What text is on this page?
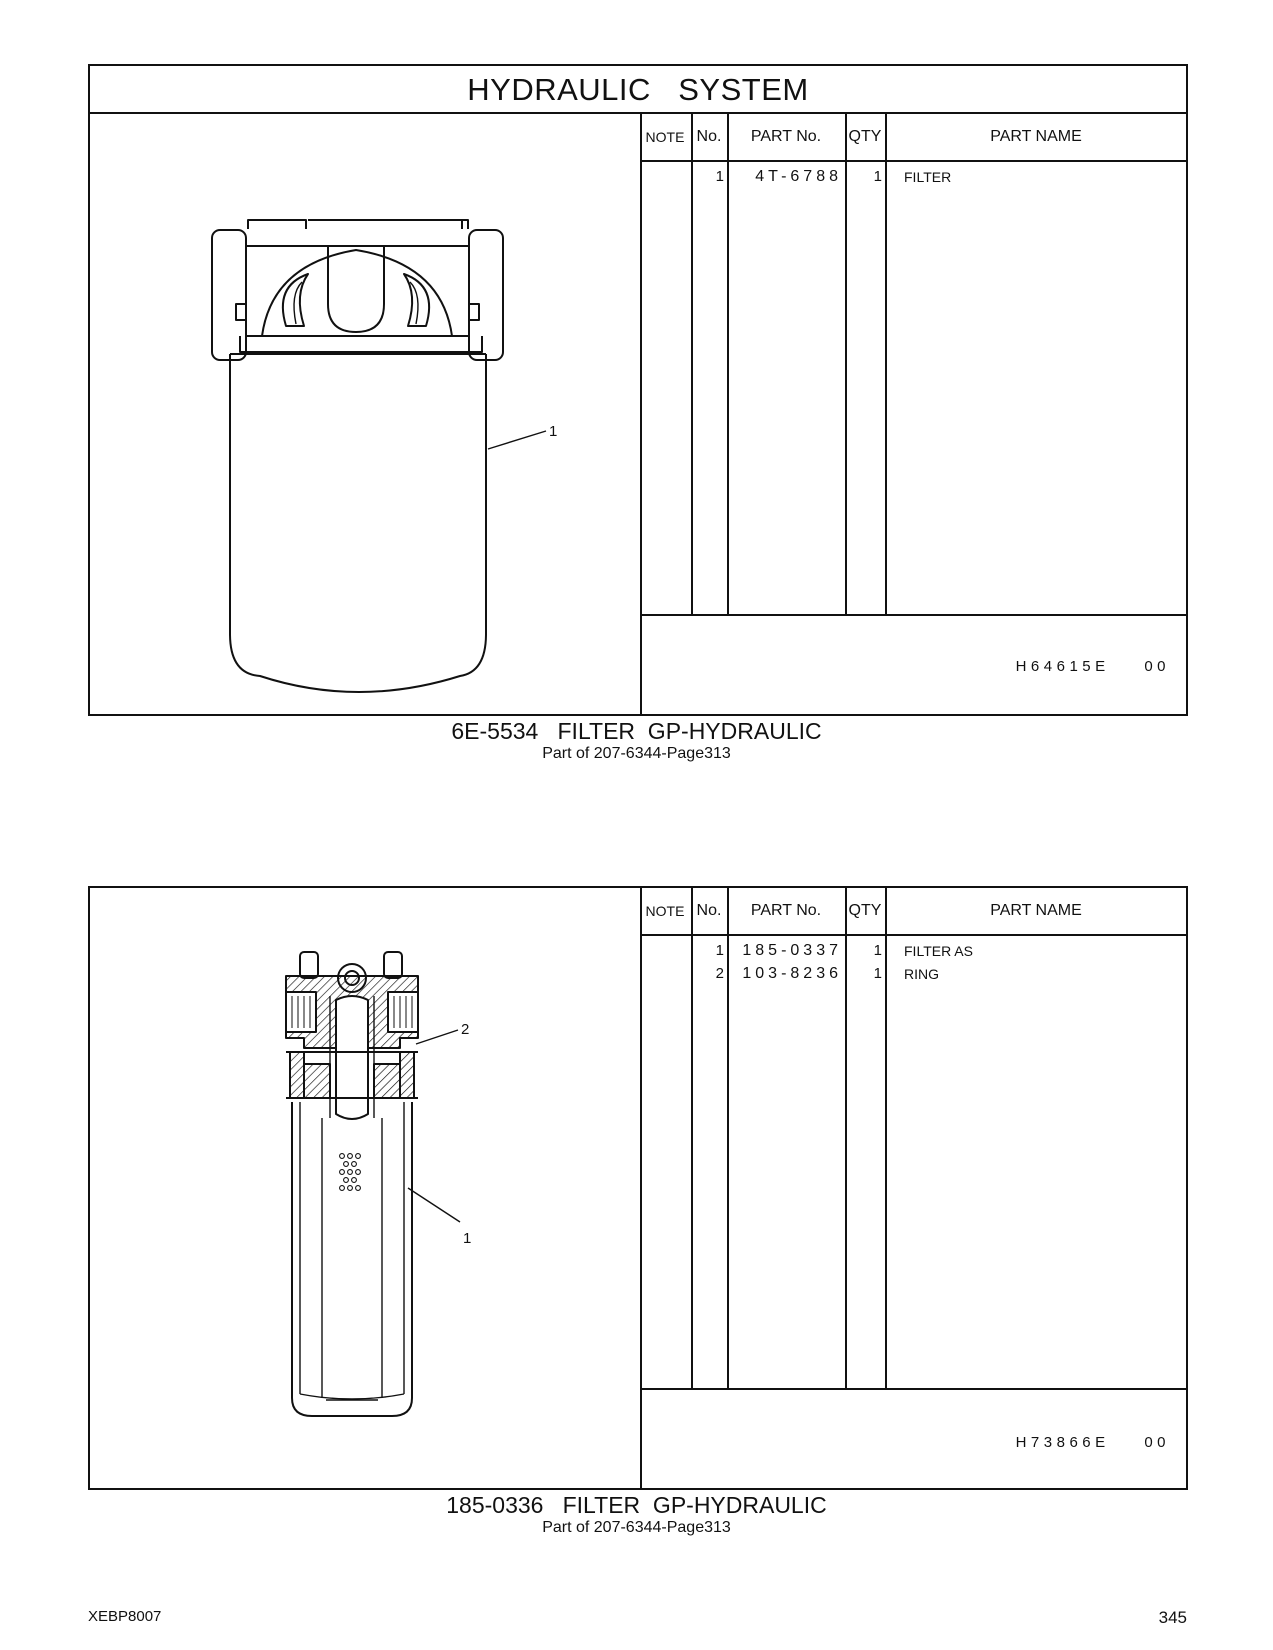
HYDRAULIC   SYSTEM
1
NOTE No.	PART No.	QTY	PART NAME
1	4T-6788	1 FILTER
H64615E    00
6E-5534   FILTER  GP-HYDRAULIC
Part of 207-6344-Page313
2
1
NOTE No.	PART No.	QTY	PART NAME
1	185-0337	1 FILTER AS
2	103-8236	1 RING
H73866E    00
185-0336   FILTER  GP-HYDRAULIC
Part of 207-6344-Page313
XEBP8007	345
